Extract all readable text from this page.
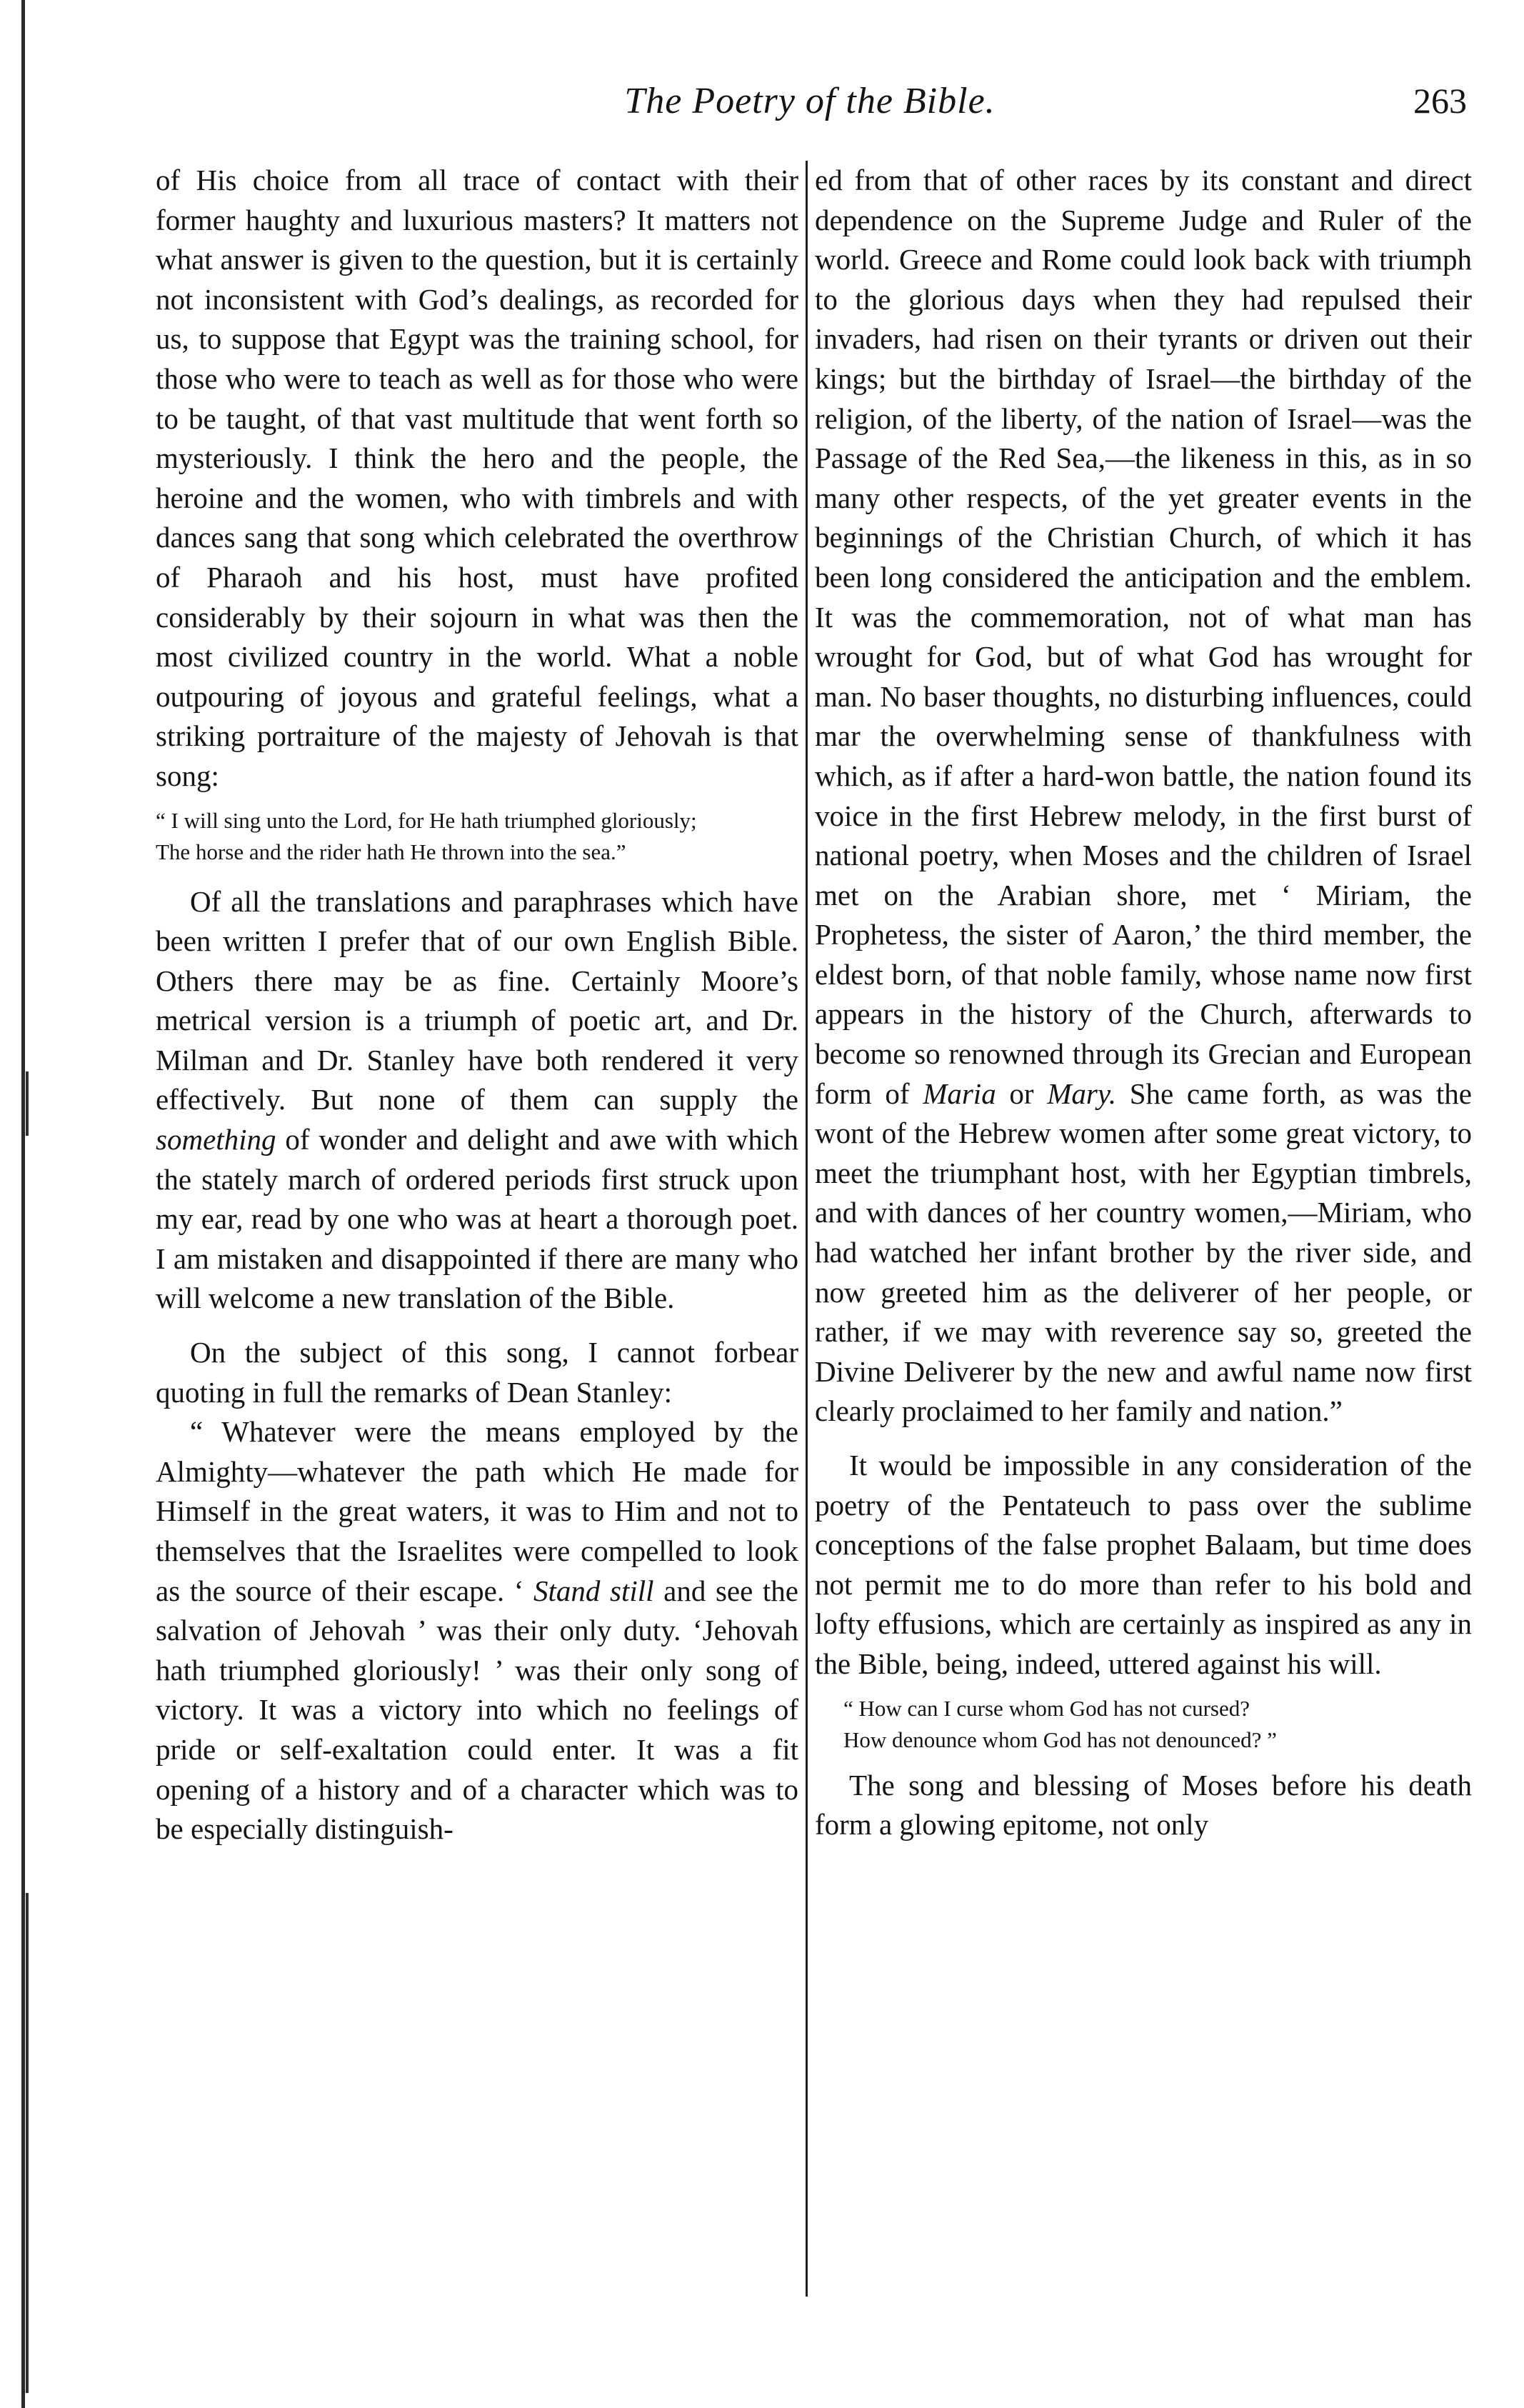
The Poetry of the Bible.	263

of His choice from all trace of contact with their former haughty and luxurious masters? It matters not what answer is given to the question, but it is certainly not inconsistent with God’s dealings, as recorded for us, to suppose that Egypt was the training school, for those who were to teach as well as for those who were to be taught, of that vast multitude that went forth so mysteriously. I think the hero and the people, the heroine and the women, who with timbrels and with dances sang that song which celebrated the overthrow of Pharaoh and his host, must have profited considerably by their sojourn in what was then the most civilized country in the world. What a noble outpouring of joyous and grateful feelings, what a striking portraiture of the majesty of Jehovah is that song:

“ I will sing unto the Lord, for He hath triumphed gloriously;
The horse and the rider hath He thrown into the sea.”

Of all the translations and paraphrases which have been written I prefer that of our own English Bible. Others there may be as fine. Certainly Moore’s metrical version is a triumph of poetic art, and Dr. Milman and Dr. Stanley have both rendered it very effectively. But none of them can supply the something of wonder and delight and awe with which the stately march of ordered periods first struck upon my ear, read by one who was at heart a thorough poet. I am mistaken and disappointed if there are many who will welcome a new translation of the Bible.

On the subject of this song, I cannot forbear quoting in full the remarks of Dean Stanley:

“ Whatever were the means employed by the Almighty—whatever the path which He made for Himself in the great waters, it was to Him and not to themselves that the Israelites were compelled to look as the source of their escape. ‘ Stand still and see the salvation of Jehovah ’ was their only duty. ‘Jehovah hath triumphed gloriously! ’ was their only song of victory. It was a victory into which no feelings of pride or self-exaltation could enter. It was a fit opening of a history and of a character which was to be especially distinguish-

ed from that of other races by its constant and direct dependence on the Supreme Judge and Ruler of the world. Greece and Rome could look back with triumph to the glorious days when they had repulsed their invaders, had risen on their tyrants or driven out their kings; but the birthday of Israel—the birthday of the religion, of the liberty, of the nation of Israel—was the Passage of the Red Sea,—the likeness in this, as in so many other respects, of the yet greater events in the beginnings of the Christian Church, of which it has been long considered the anticipation and the emblem. It was the commemoration, not of what man has wrought for God, but of what God has wrought for man. No baser thoughts, no disturbing influences, could mar the overwhelming sense of thankfulness with which, as if after a hard-won battle, the nation found its voice in the first Hebrew melody, in the first burst of national poetry, when Moses and the children of Israel met on the Arabian shore, met ‘ Miriam, the Prophetess, the sister of Aaron,’ the third member, the eldest born, of that noble family, whose name now first appears in the history of the Church, afterwards to become so renowned through its Grecian and European form of Maria or Mary. She came forth, as was the wont of the Hebrew women after some great victory, to meet the triumphant host, with her Egyptian timbrels, and with dances of her country women,—Miriam, who had watched her infant brother by the river side, and now greeted him as the deliverer of her people, or rather, if we may with reverence say so, greeted the Divine Deliverer by the new and awful name now first clearly proclaimed to her family and nation.”

It would be impossible in any consideration of the poetry of the Pentateuch to pass over the sublime conceptions of the false prophet Balaam, but time does not permit me to do more than refer to his bold and lofty effusions, which are certainly as inspired as any in the Bible, being, indeed, uttered against his will.

“ How can I curse whom God has not cursed?
How denounce whom God has not denounced? ”

The song and blessing of Moses before his death form a glowing epitome, not only
